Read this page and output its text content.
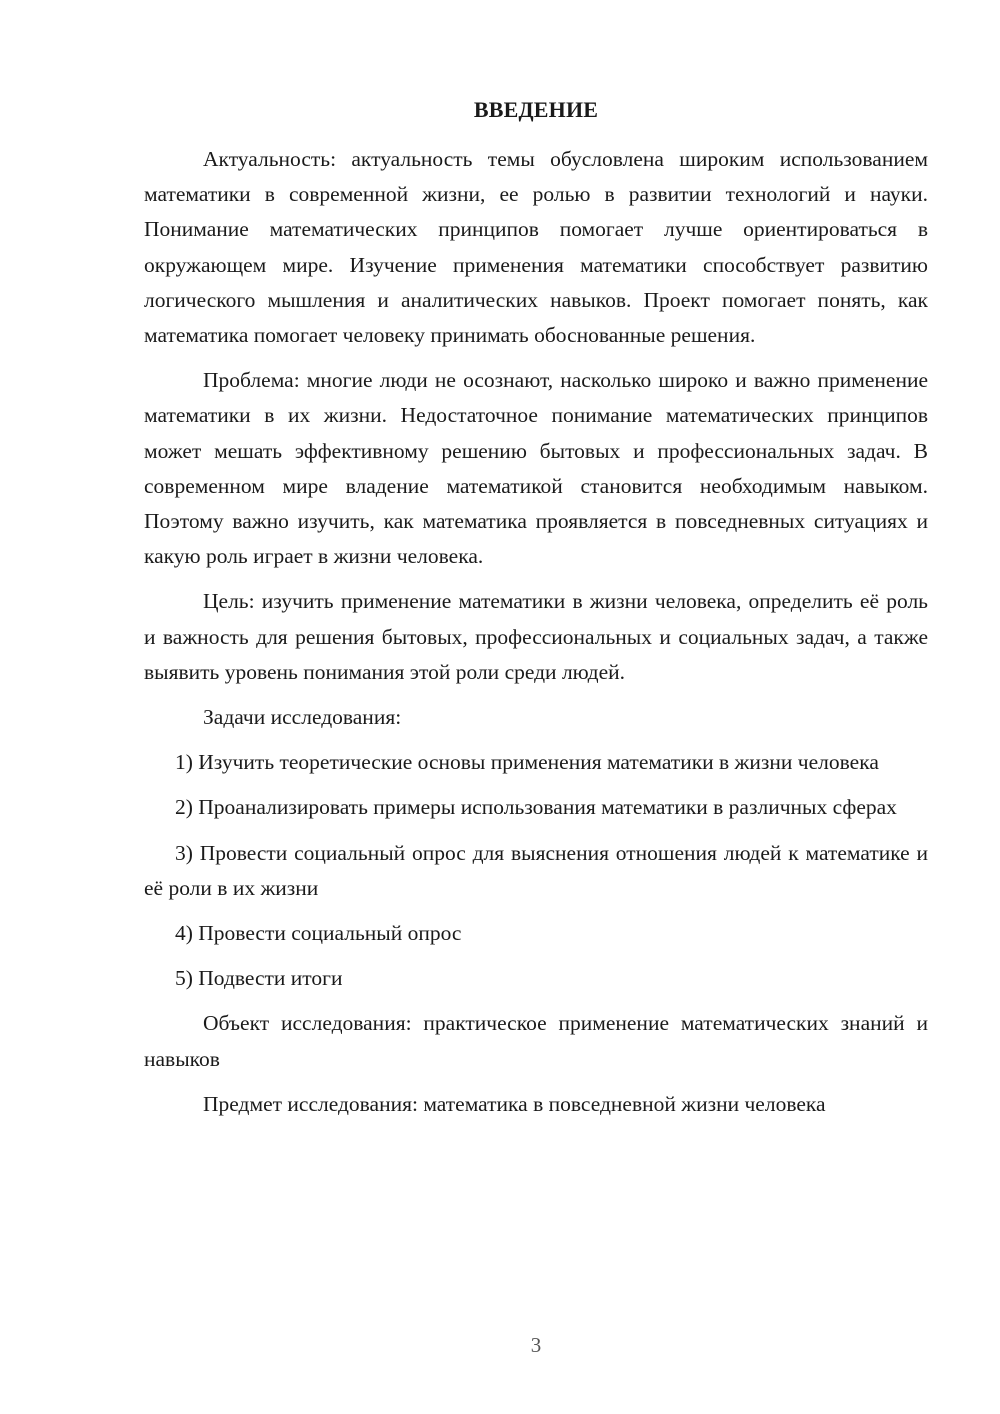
ВВЕДЕНИЕ

Актуальность: актуальность темы обусловлена широким использованием математики в современной жизни, ее ролью в развитии технологий и науки. Понимание математических принципов помогает лучше ориентироваться в окружающем мире. Изучение применения математики способствует развитию логического мышления и аналитических навыков. Проект помогает понять, как математика помогает человеку принимать обоснованные решения.

Проблема: многие люди не осознают, насколько широко и важно применение математики в их жизни. Недостаточное понимание математических принципов может мешать эффективному решению бытовых и профессиональных задач. В современном мире владение математикой становится необходимым навыком. Поэтому важно изучить, как математика проявляется в повседневных ситуациях и какую роль играет в жизни человека.

Цель: изучить применение математики в жизни человека, определить её роль и важность для решения бытовых, профессиональных и социальных задач, а также выявить уровень понимания этой роли среди людей.

Задачи исследования:

1) Изучить теоретические основы применения математики в жизни человека

2) Проанализировать примеры использования математики в различных сферах

3) Провести социальный опрос для выяснения отношения людей к математике и её роли в их жизни

4) Провести социальный опрос

5) Подвести итоги

Объект исследования: практическое применение математических знаний и навыков

Предмет исследования: математика в повседневной жизни человека

3
